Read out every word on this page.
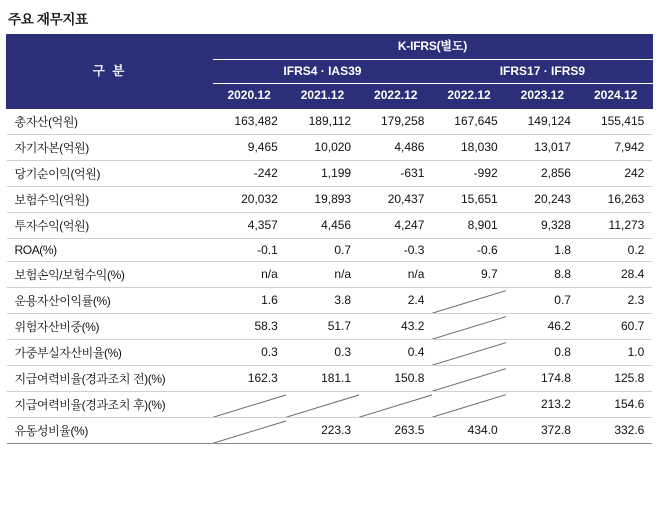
주요 재무지표
구 분	K-IFRS(별도)					
	IFRS4 · IAS39			IFRS17 · IFRS9		
	2020.12	2021.12	2022.12	2022.12	2023.12	2024.12
총자산(억원)	163,482	189,112	179,258	167,645	149,124	155,415
자기자본(억원)	9,465	10,020	4,486	18,030	13,017	7,942
당기순이익(억원)	-242	1,199	-631	-992	2,856	242
보험수익(억원)	20,032	19,893	20,437	15,651	20,243	16,263
투자수익(억원)	4,357	4,456	4,247	8,901	9,328	11,273
ROA(%)	-0.1	0.7	-0.3	-0.6	1.8	0.2
보험손익/보험수익(%)	n/a	n/a	n/a	9.7	8.8	28.4
운용자산이익률(%)	1.6	3.8	2.4		0.7	2.3
위험자산비중(%)	58.3	51.7	43.2		46.2	60.7
가중부실자산비율(%)	0.3	0.3	0.4		0.8	1.0
지급여력비율(경과조치 전)(%)	162.3	181.1	150.8		174.8	125.8
지급여력비율(경과조치 후)(%)					213.2	154.6
유동성비율(%)		223.3	263.5	434.0	372.8	332.6
